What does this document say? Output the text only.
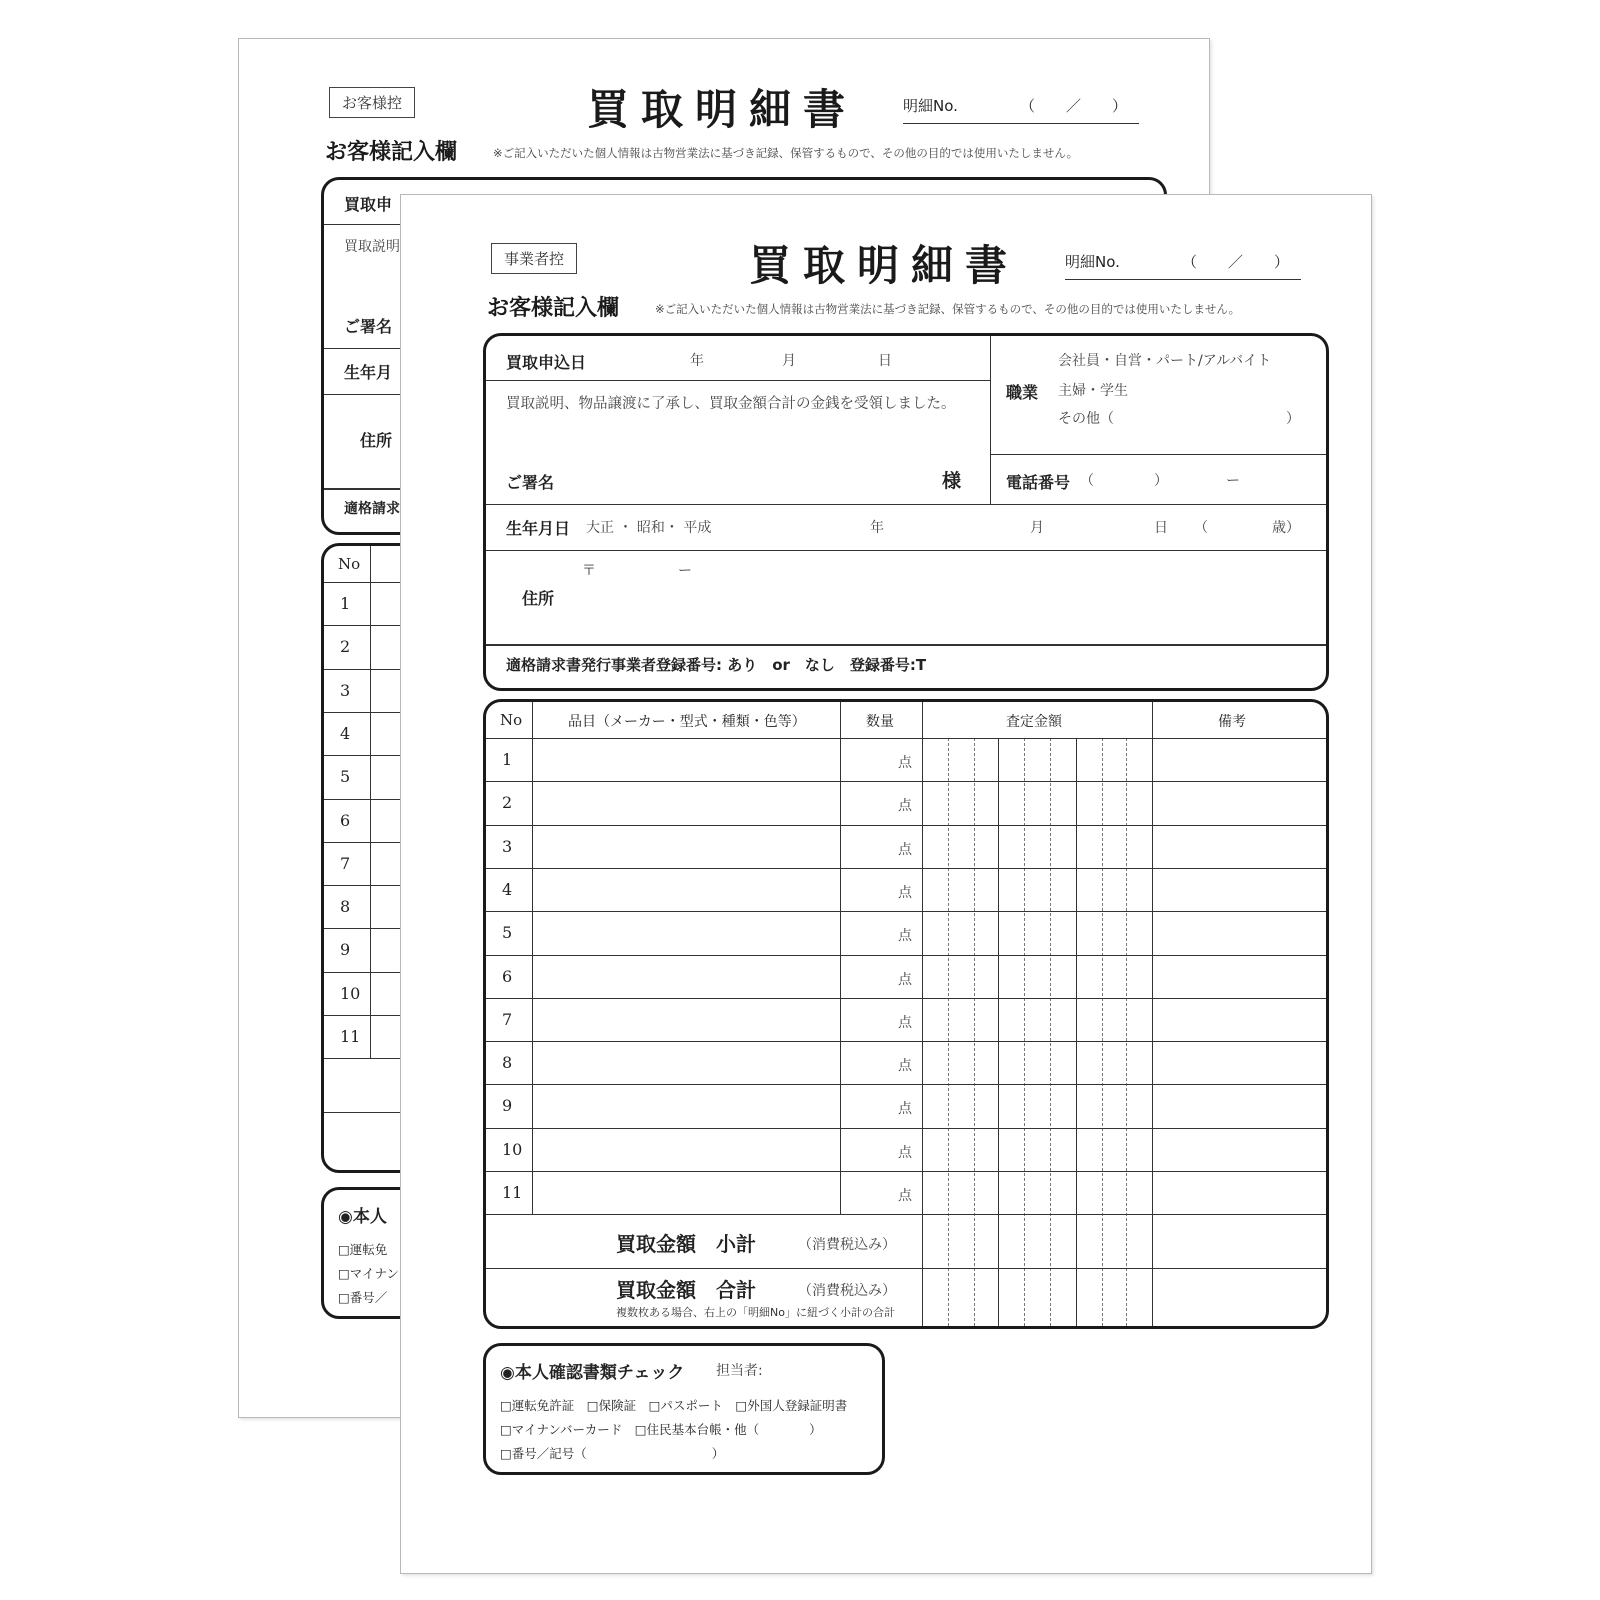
お客様控	買取明細書	明細No.	（　／　）
お客様記入欄	※ご記入いただいた個人情報は古物営業法に基づき記録、保管するもので、その他の目的では使用いたしません。
買取申
買取説明
ご署名
生年月
住所
適格請求
No
1
2
3
4
5
6
7
8
9
10
11
◉本人
□運転免
□マイナン
□番号／
事業者控	買取明細書	明細No.	（　／　）
お客様記入欄	※ご記入いただいた個人情報は古物営業法に基づき記録、保管するもので、その他の目的では使用いたしません。
買取申込日	年	月	日
買取説明、物品譲渡に了承し、買取金額合計の金銭を受領しました。
ご署名	様
職業
会社員・自営・パート/アルバイト
主婦・学生
その他（	）
電話番号 （	）	ー
生年月日 大正 ・ 昭和・ 平成	年	月	日 （	歳）
〒	ー
住所
適格請求書発行事業者登録番号: あり　or　なし　登録番号:T
No	品目（メーカー・型式・種類・色等）	数量	査定金額	備考
1	点
2	点
3	点
4	点
5	点
6	点
7	点
8	点
9	点
10	点
11	点
買取金額　小計	（消費税込み）
買取金額　合計	（消費税込み）
複数枚ある場合、右上の「明細No」に紐づく小計の合計
◉本人確認書類チェック 担当者:
□運転免許証　□保険証　□パスポート　□外国人登録証明書
□マイナンバーカード　□住民基本台帳・他（　　　　）
□番号／記号（　　　　　　　　　　）
